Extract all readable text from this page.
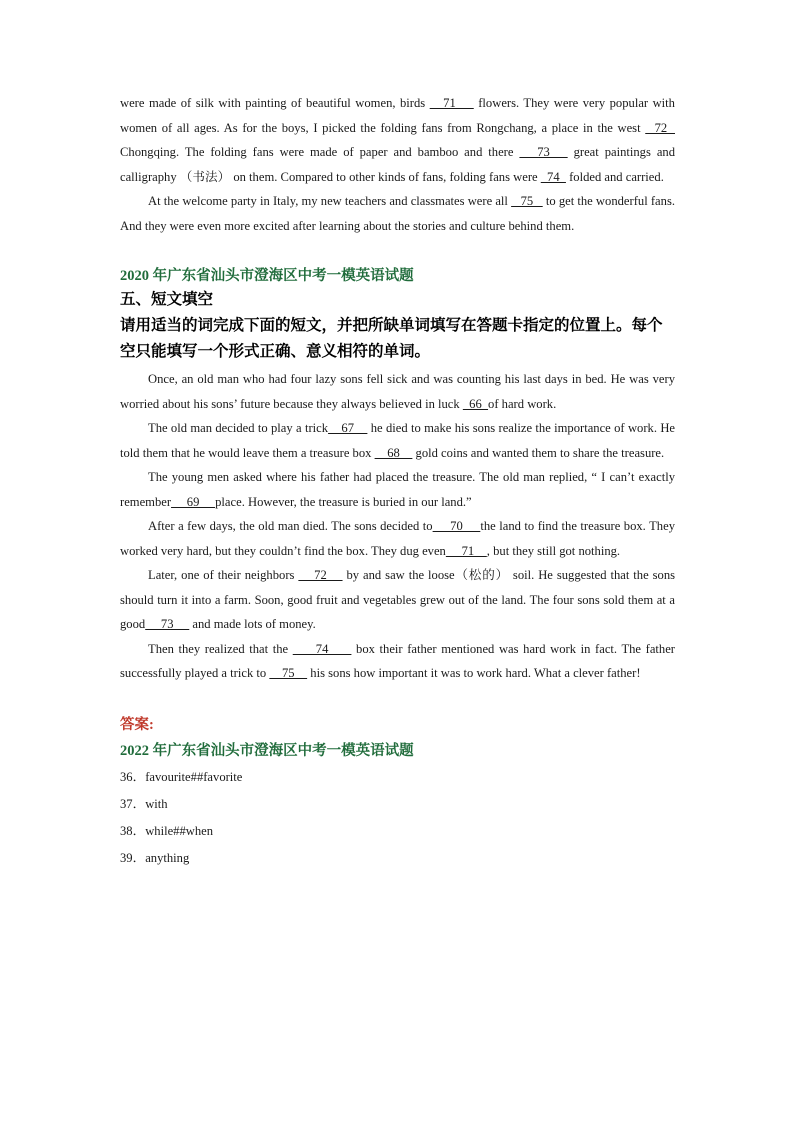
were made of silk with painting of beautiful women, birds    71     flowers. They were very popular with women of all ages. As for the boys, I picked the folding fans from Rongchang, a place in the west   72   Chongqing. The folding fans were made of paper and bamboo and there    73    great paintings and calligraphy （书法） on them. Compared to other kinds of fans, folding fans were   74   folded and carried.

At the welcome party in Italy, my new teachers and classmates were all    75    to get the wonderful fans. And they were even more excited after learning about the stories and culture behind them.

2020 年广东省汕头市澄海区中考一模英语试题

五、短文填空

请用适当的词完成下面的短文，并把所缺单词填写在答题卡指定的位置上。每个空只能填写一个形式正确、意义相符的单词。

Once, an old man who had four lazy sons fell sick and was counting his last days in bed. He was very worried about his sons’ future because they always believed in luck   66  of hard work.

The old man decided to play a trick    67     he died to make his sons realize the importance of work. He told them that he would leave them a treasure box     68     gold coins and wanted them to share the treasure.

The young men asked where his father had placed the treasure. The old man replied, “ I can’t exactly remember     69     place. However, the treasure is buried in our land.”

After a few days, the old man died. The sons decided to     70     the land to find the treasure box. They worked very hard, but they couldn’t find the box. They dug even     71    , but they still got nothing.

Later, one of their neighbors     72     by and saw the loose（松的） soil. He suggested that the sons should turn it into a farm. Soon, good fruit and vegetables grew out of the land. The four sons sold them at a good     73      and made lots of money.

Then they realized that the      74      box their father mentioned was hard work in fact. The father successfully played a trick to     75     his sons how important it was to work hard. What a clever father!

答案:

2022 年广东省汕头市澄海区中考一模英语试题

36．favourite##favorite

37．with

38．while##when

39．anything
